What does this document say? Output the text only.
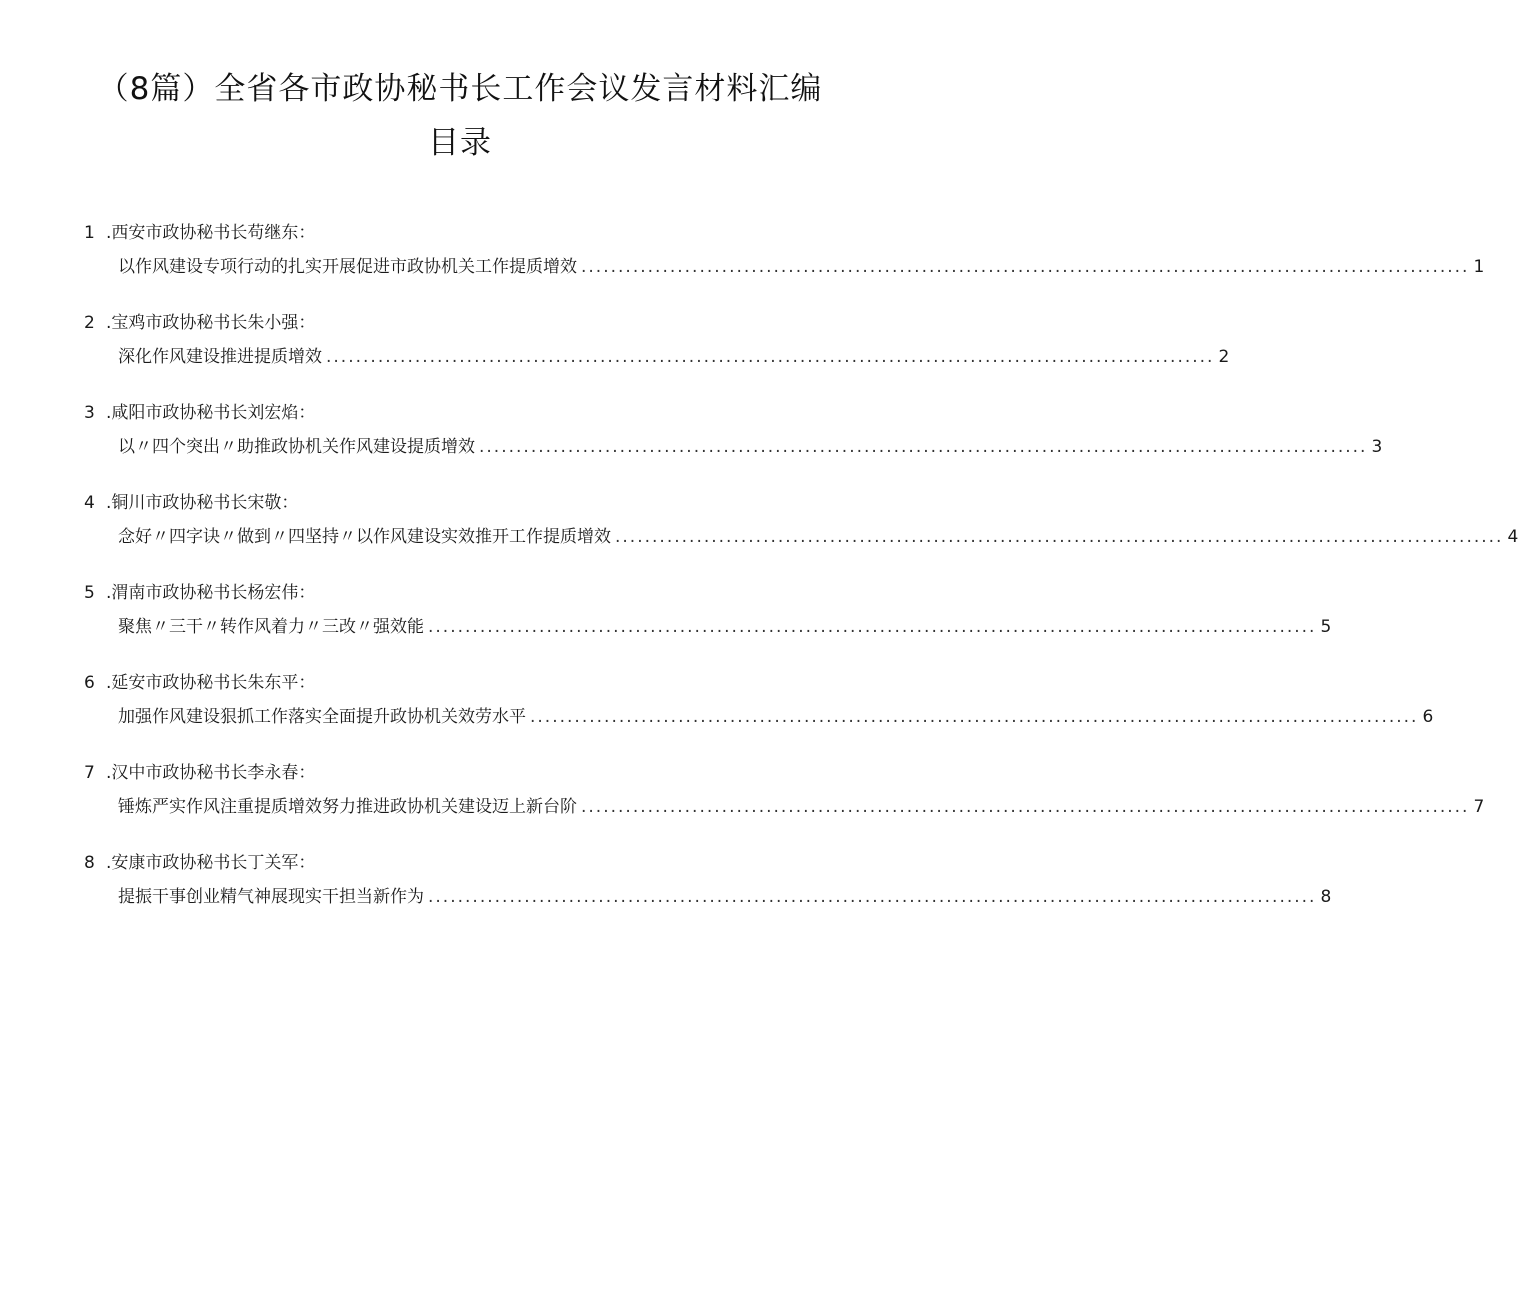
（8篇）全省各市政协秘书长工作会议发言材料汇编
目录
1 .西安市政协秘书长苟继东：
以作风建设专项行动的扎实开展促进市政协机关工作提质增效 ........................................................................................................................ 1
2 .宝鸡市政协秘书长朱小强：
深化作风建设推进提质增效 ........................................................................................................................ 2
3 .咸阳市政协秘书长刘宏焰：
以〃四个突出〃助推政协机关作风建设提质增效 ........................................................................................................................ 3
4 .铜川市政协秘书长宋敬：
念好〃四字诀〃做到〃四坚持〃以作风建设实效推开工作提质增效 ........................................................................................................................ 4
5 .渭南市政协秘书长杨宏伟：
聚焦〃三干〃转作风着力〃三改〃强效能 ........................................................................................................................ 5
6 .延安市政协秘书长朱东平：
加强作风建设狠抓工作落实全面提升政协机关效劳水平 ........................................................................................................................ 6
7 .汉中市政协秘书长李永春：
锤炼严实作风注重提质增效努力推进政协机关建设迈上新台阶 ........................................................................................................................ 7
8 .安康市政协秘书长丁关军：
提振干事创业精气神展现实干担当新作为 ........................................................................................................................ 8
